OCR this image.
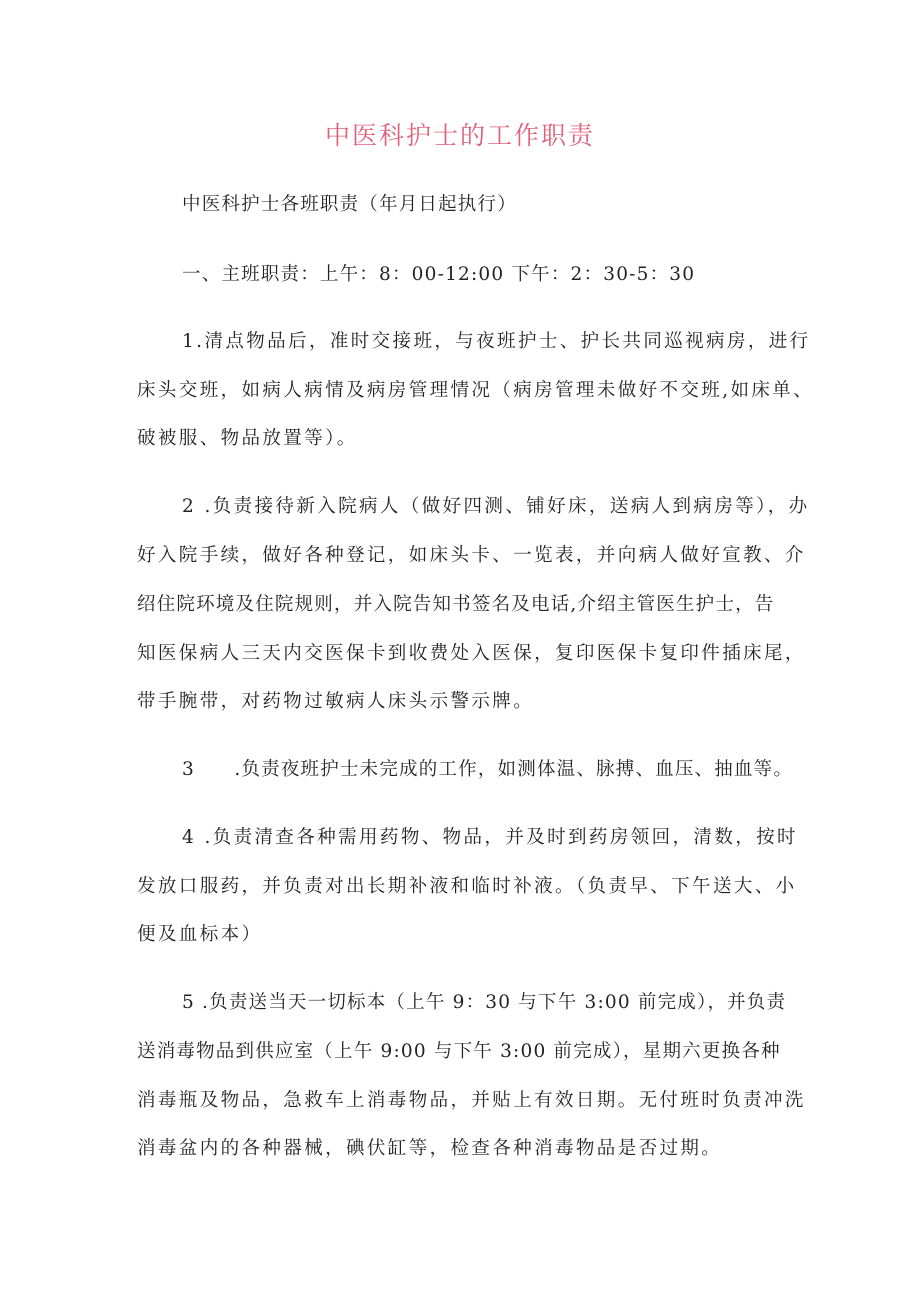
中医科护士的工作职责

中医科护士各班职责（年月日起执行）

一、主班职责：上午：8：00-12:00 下午：2：30-5：30

1.清点物品后，准时交接班，与夜班护士、护长共同巡视病房，进行

床头交班，如病人病情及病房管理情况（病房管理未做好不交班,如床单、

破被服、物品放置等）。

2 .负责接待新入院病人（做好四测、铺好床，送病人到病房等），办

好入院手续，做好各种登记，如床头卡、一览表，并向病人做好宣教、介

绍住院环境及住院规则，并入院告知书签名及电话,介绍主管医生护士，告

知医保病人三天内交医保卡到收费处入医保，复印医保卡复印件插床尾，

带手腕带，对药物过敏病人床头示警示牌。

3　　.负责夜班护士未完成的工作，如测体温、脉搏、血压、抽血等。

4 .负责清查各种需用药物、物品，并及时到药房领回，清数，按时

发放口服药，并负责对出长期补液和临时补液。（负责早、下午送大、小

便及血标本）

5 .负责送当天一切标本（上午 9：30 与下午 3:00 前完成），并负责

送消毒物品到供应室（上午 9:00 与下午 3:00 前完成），星期六更换各种

消毒瓶及物品，急救车上消毒物品，并贴上有效日期。无付班时负责冲洗

消毒盆内的各种器械，碘伏缸等，检查各种消毒物品是否过期。
